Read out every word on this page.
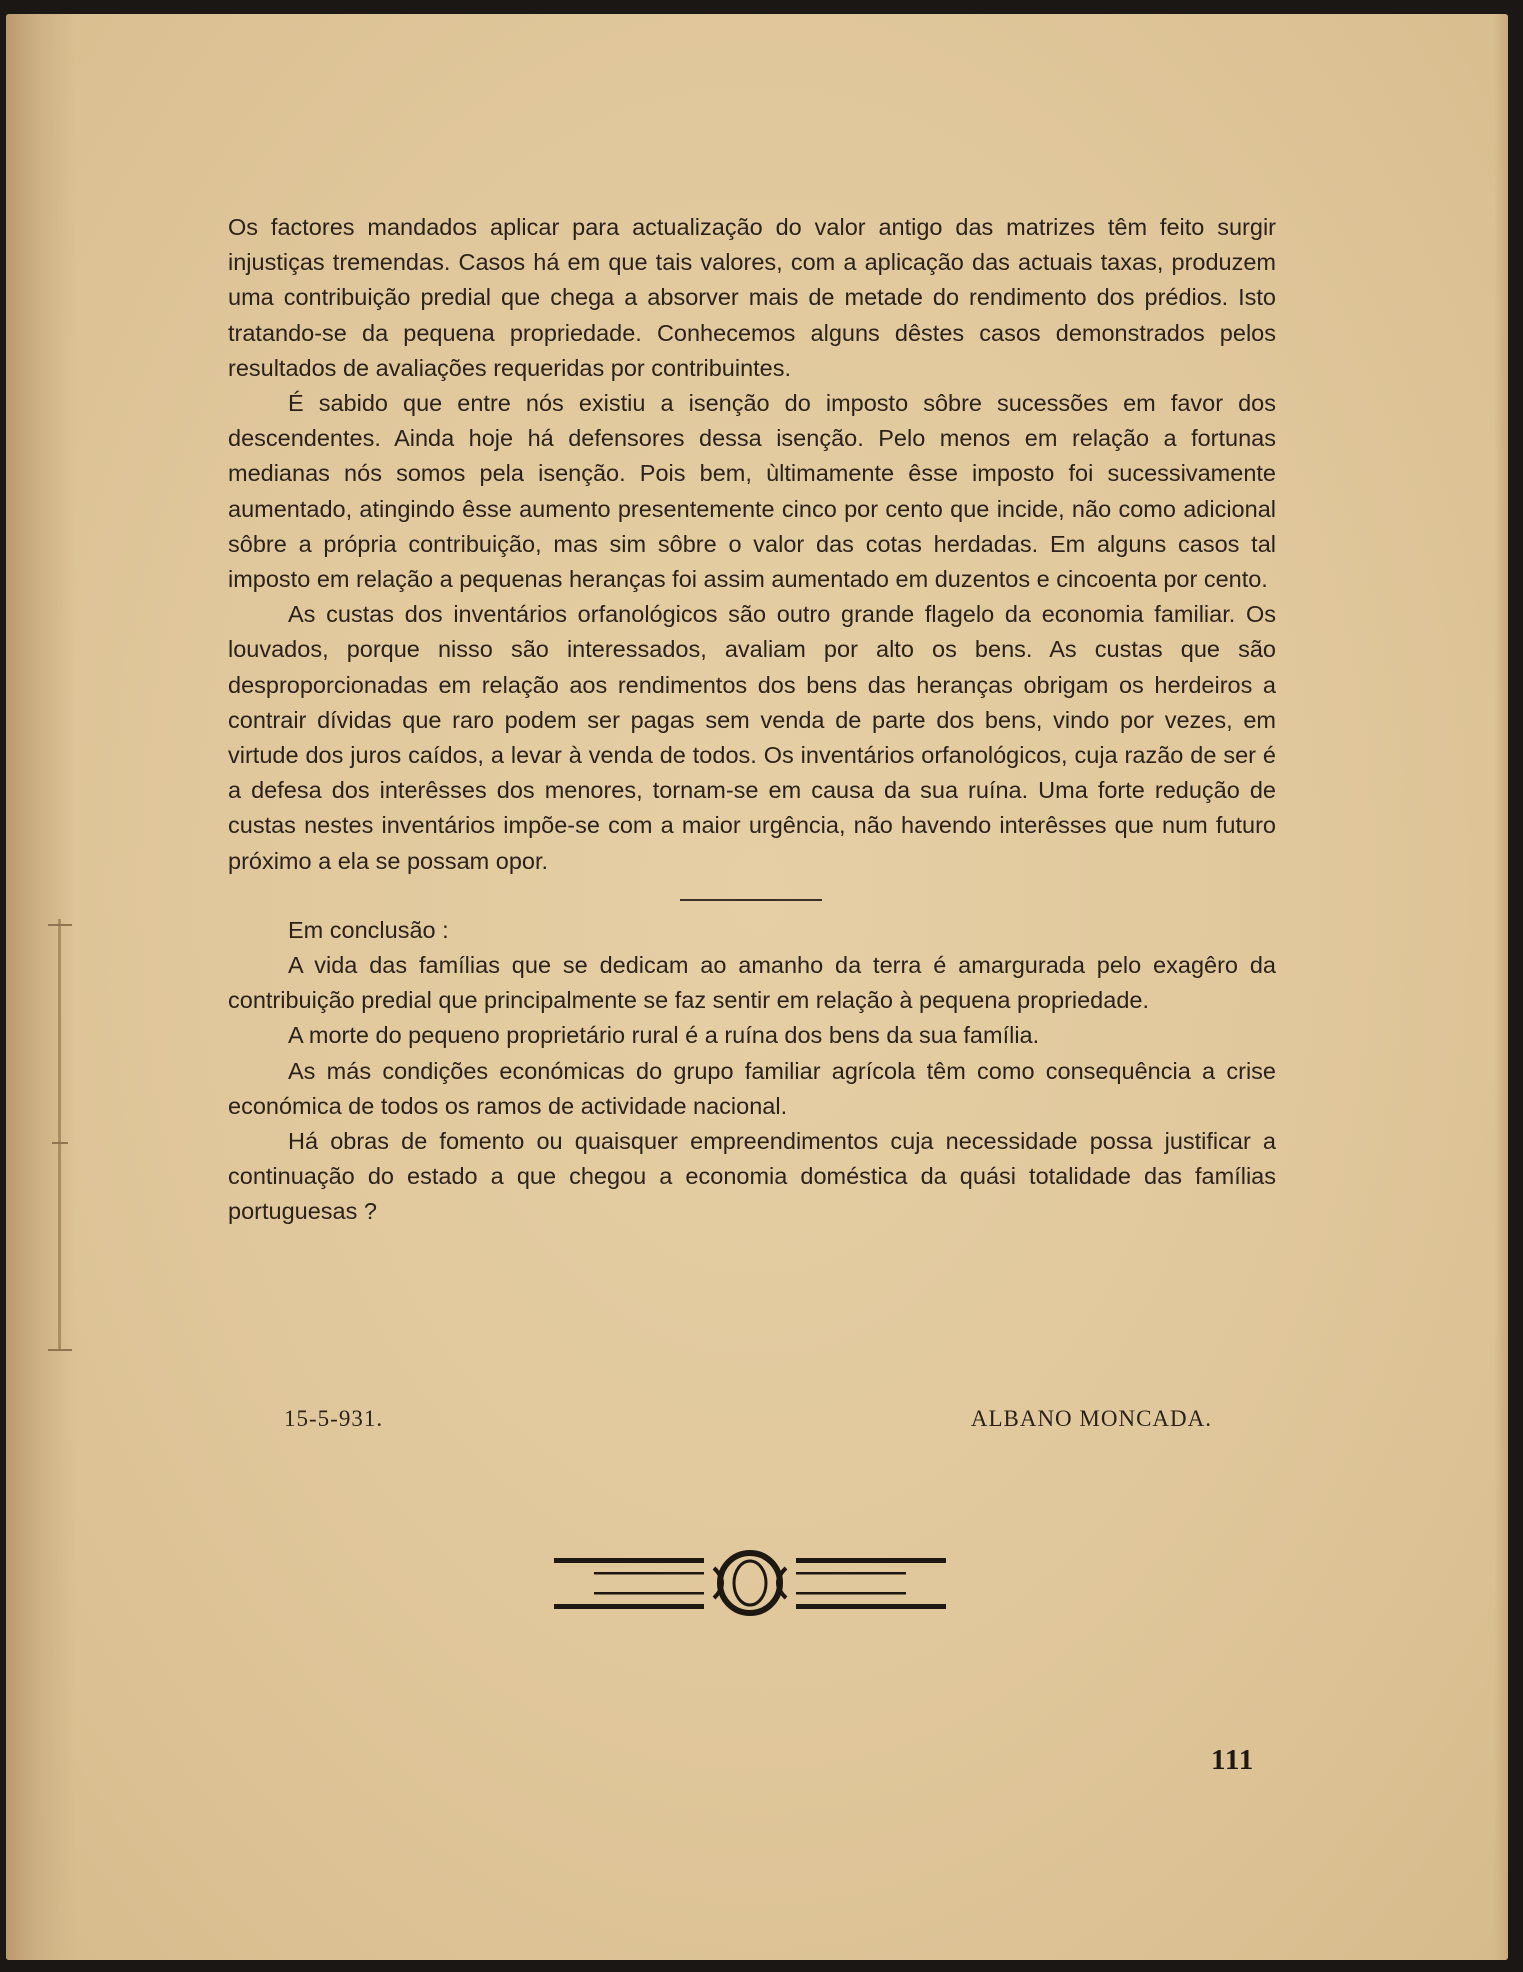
Os factores mandados aplicar para actualização do valor antigo das matrizes têm feito surgir injustiças tremendas. Casos há em que tais valores, com a aplicação das actuais taxas, produzem uma contribuição predial que chega a absorver mais de metade do rendimento dos prédios. Isto tratando-se da pequena propriedade. Conhecemos alguns dêstes casos demonstrados pelos resultados de avaliações requeridas por contribuintes.

É sabido que entre nós existiu a isenção do imposto sôbre sucessões em favor dos descendentes. Ainda hoje há defensores dessa isenção. Pelo menos em relação a fortunas medianas nós somos pela isenção. Pois bem, ùltimamente êsse imposto foi sucessivamente aumentado, atingindo êsse aumento presentemente cinco por cento que incide, não como adicional sôbre a própria contribuição, mas sim sôbre o valor das cotas herdadas. Em alguns casos tal imposto em relação a pequenas heranças foi assim aumentado em duzentos e cincoenta por cento.

As custas dos inventários orfanológicos são outro grande flagelo da economia familiar. Os louvados, porque nisso são interessados, avaliam por alto os bens. As custas que são desproporcionadas em relação aos rendimentos dos bens das heranças obrigam os herdeiros a contrair dívidas que raro podem ser pagas sem venda de parte dos bens, vindo por vezes, em virtude dos juros caídos, a levar à venda de todos. Os inventários orfanológicos, cuja razão de ser é a defesa dos interêsses dos menores, tornam-se em causa da sua ruína. Uma forte redução de custas nestes inventários impõe-se com a maior urgência, não havendo interêsses que num futuro próximo a ela se possam opor.

Em conclusão :

A vida das famílias que se dedicam ao amanho da terra é amargurada pelo exagêro da contribuição predial que principalmente se faz sentir em relação à pequena propriedade.

A morte do pequeno proprietário rural é a ruína dos bens da sua família.

As más condições económicas do grupo familiar agrícola têm como consequência a crise económica de todos os ramos de actividade nacional.

Há obras de fomento ou quaisquer empreendimentos cuja necessidade possa justificar a continuação do estado a que chegou a economia doméstica da quási totalidade das famílias portuguesas ?

15-5-931.	ALBANO MONCADA.
111
